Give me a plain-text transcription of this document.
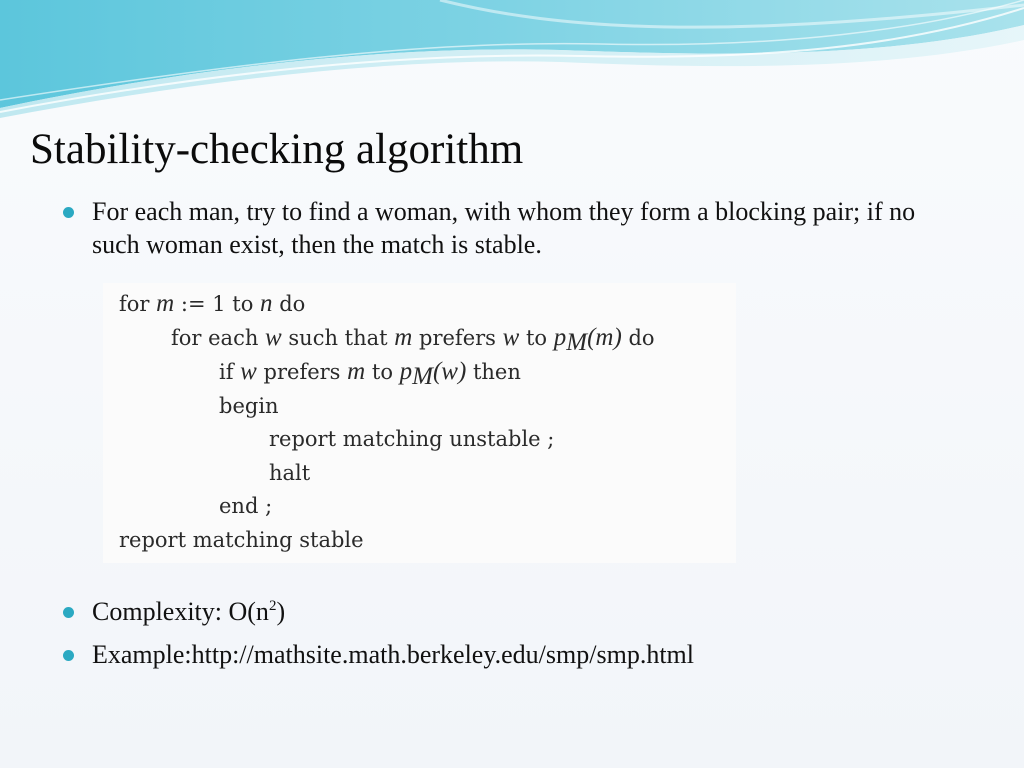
Stability-checking algorithm
For each man, try to find a woman, with whom they form a blocking pair; if no such woman exist, then the match is stable.
for m := 1 to n do
for each w such that m prefers w to $p_M(m)$ do
if w prefers m to $p_M(w)$ then
begin
report matching unstable ;
halt
end ;
report matching stable
Complexity: $O(n^2)$
Example:http://mathsite.math.berkeley.edu/smp/smp.html
